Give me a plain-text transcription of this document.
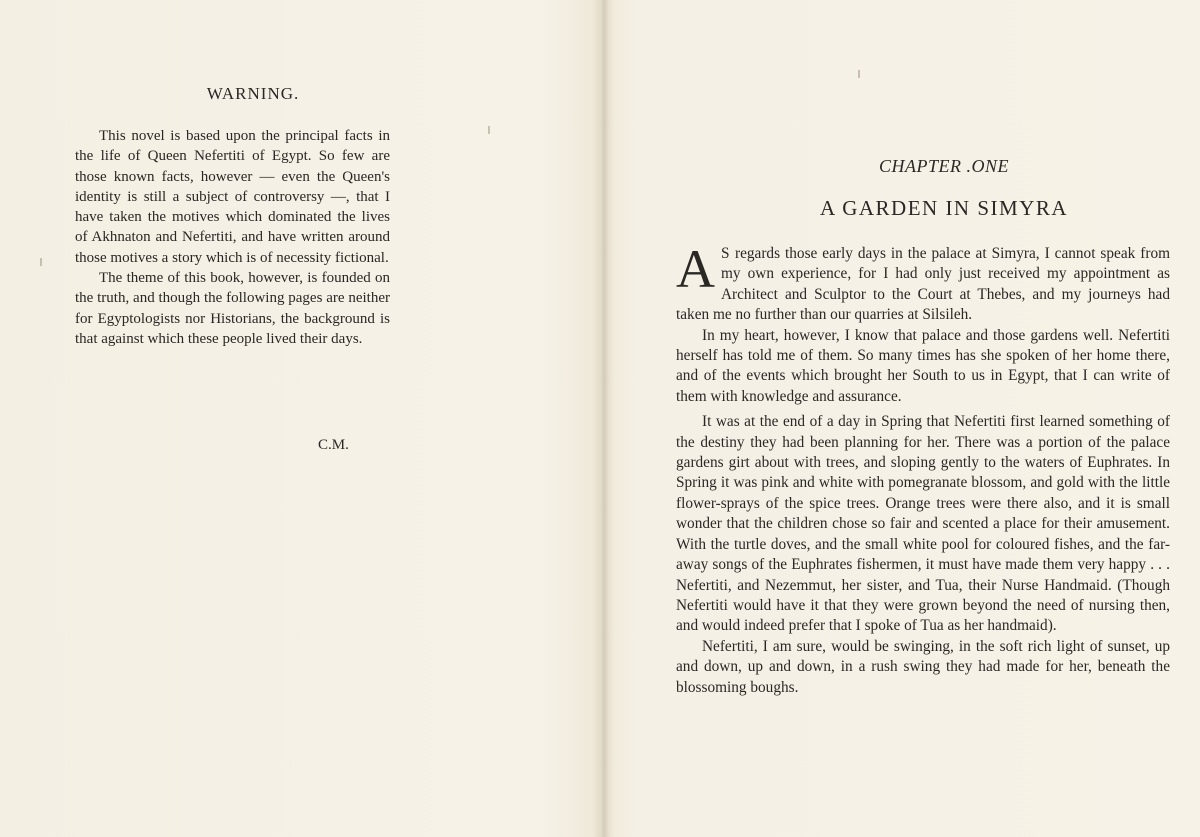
WARNING.

This novel is based upon the principal facts in the life of Queen Nefertiti of Egypt. So few are those known facts, however — even the Queen's identity is still a subject of controversy —, that I have taken the motives which dominated the lives of Akhnaton and Nefertiti, and have written around those motives a story which is of necessity fictional.

The theme of this book, however, is founded on the truth, and though the following pages are neither for Egyptologists nor Historians, the background is that against which these people lived their days.

C.M.
CHAPTER .ONE
A GARDEN IN SIMYRA

A S regards those early days in the palace at Simyra, I cannot speak from my own experience, for I had only just received my appointment as Architect and Sculptor to the Court at Thebes, and my journeys had taken me no further than our quarries at Silsileh.

In my heart, however, I know that palace and those gardens well. Nefertiti herself has told me of them. So many times has she spoken of her home there, and of the events which brought her South to us in Egypt, that I can write of them with knowledge and assurance.

It was at the end of a day in Spring that Nefertiti first learned something of the destiny they had been planning for her. There was a portion of the palace gardens girt about with trees, and sloping gently to the waters of Euphrates. In Spring it was pink and white with pomegranate blossom, and gold with the little flower-sprays of the spice trees. Orange trees were there also, and it is small wonder that the children chose so fair and scented a place for their amusement. With the turtle doves, and the small white pool for coloured fishes, and the far-away songs of the Euphrates fishermen, it must have made them very happy . . . Nefertiti, and Nezemmut, her sister, and Tua, their Nurse Handmaid. (Though Nefertiti would have it that they were grown beyond the need of nursing then, and would indeed prefer that I spoke of Tua as her handmaid).

Nefertiti, I am sure, would be swinging, in the soft rich light of sunset, up and down, up and down, in a rush swing they had made for her, beneath the blossoming boughs.
